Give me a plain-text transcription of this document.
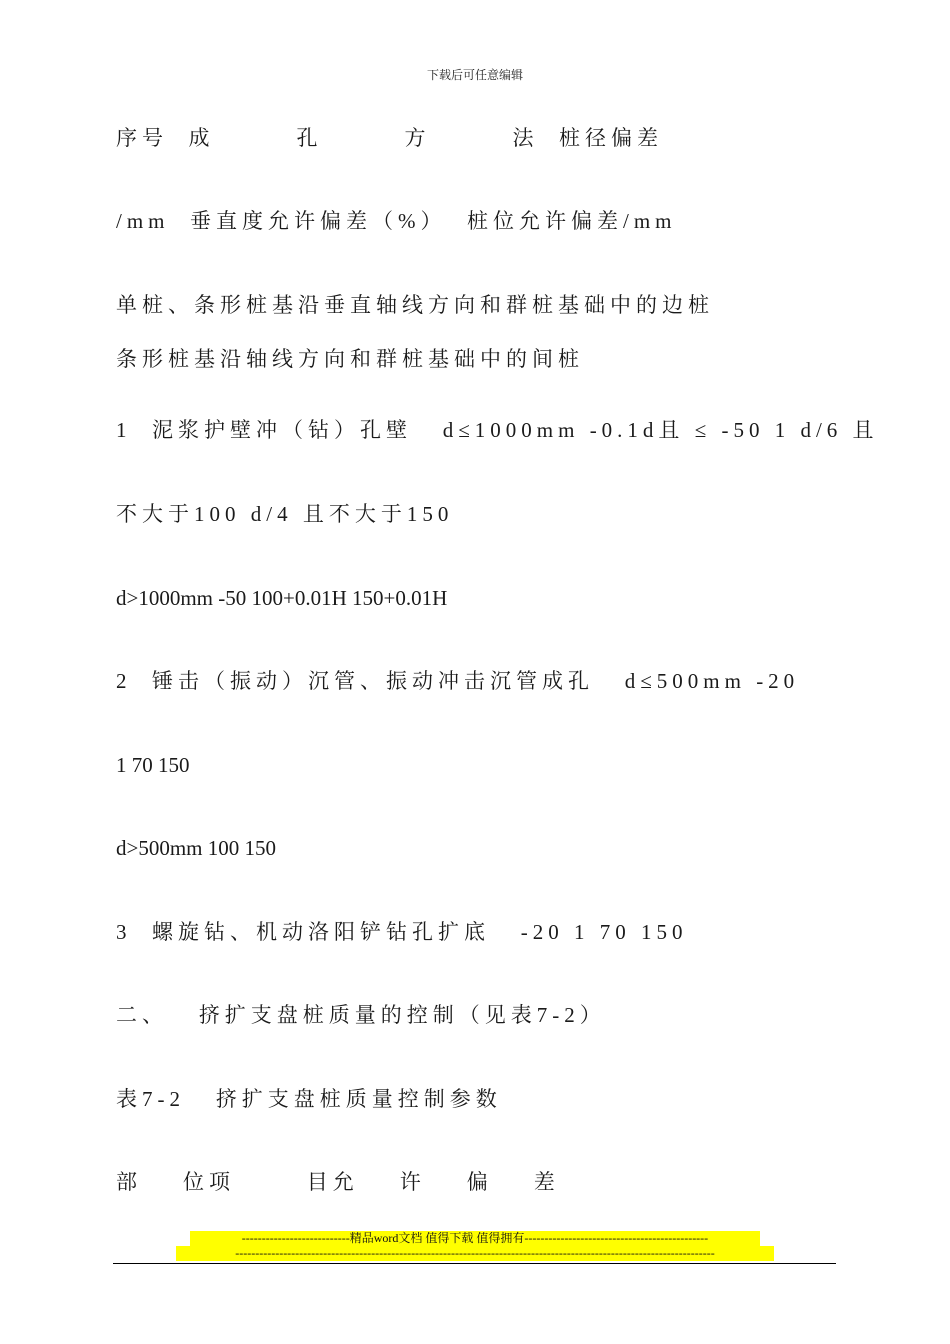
下载后可任意编辑
序号  成        孔        方        法  桩径偏差
/mm  垂直度允许偏差（%）  桩位允许偏差/mm
单桩、条形桩基沿垂直轴线方向和群桩基础中的边桩
条形桩基沿轴线方向和群桩基础中的间桩
1  泥浆护壁冲（钻）孔壁   d≤1000mm -0.1d且 ≤ -50 1 d/6 且
不大于100 d/4 且不大于150
d>1000mm -50 100+0.01H 150+0.01H
2  锤击（振动）沉管、振动冲击沉管成孔   d≤500mm -20
1 70 150
d>500mm 100 150
3  螺旋钻、机动洛阳铲钻孔扩底   -20 1 70 150
二、   挤扩支盘桩质量的控制（见表7-2）
表7-2   挤扩支盘桩质量控制参数
部    位项       目允    许    偏    差
---------------------------精品word文档 值得下载 值得拥有----------------------------------------------
------------------------------------------------------------------------------------------------------------------------
